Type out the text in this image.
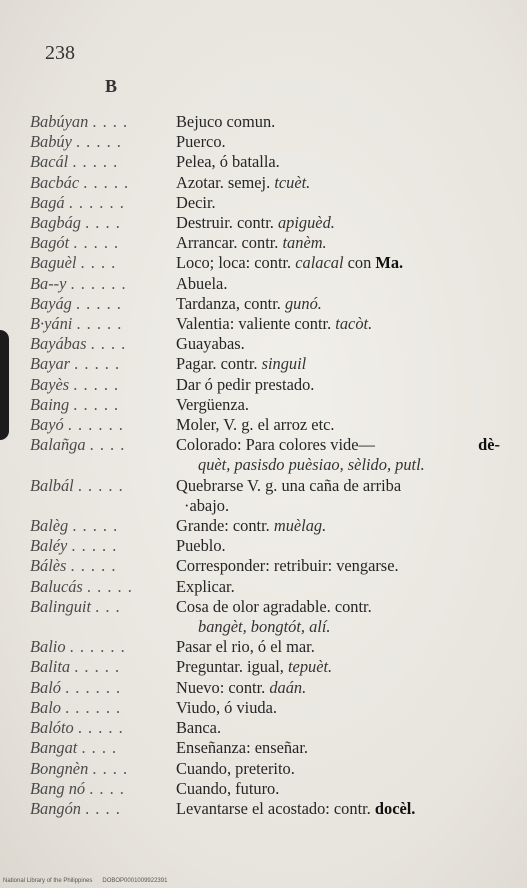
238
B
Babúyan . . . .	Bejuco comun.
Babúy . . . . .	Puerco.
Bacál . . . . .	Pelea, ó batalla.
Bacbác . . . . .	Azotar. semej. tcuèt.
Bagá . . . . . .	Decir.
Bagbág . . . .	Destruir. contr. apiguèd.
Bagót . . . . .	Arrancar. contr. tanèm.
Baguèl . . . .	Loco; loca: contr. calacal con Ma.
Ba--y . . . . . .	Abuela.
Bayág . . . . .	Tardanza, contr. gunó.
B·yáni . . . . .	Valentia: valiente contr. tacòt.
Bayábas . . . .	Guayabas.
Bayar . . . . .	Pagar. contr. singuil
Bayès . . . . .	Dar ó pedir prestado.
Baing . . . . .	Vergüenza.
Bayó . . . . . .	Moler, V. g. el arroz etc.
Balañga . . . .	Colorado: Para colores vide—	dè-
quèt, pasisdo puèsiao, sèlido, putl.
Balbál . . . . .	Quebrarse V. g. una caña de arriba
·abajo.
Balèg . . . . .	Grande: contr. muèlag.
Baléy . . . . .	Pueblo.
Bálès . . . . .	Corresponder: retribuir: vengarse.
Balucás . . . . .	Explicar.
Balinguit . . .	Cosa de olor agradable. contr.
bangèt, bongtót, alí.
Balio . . . . . .	Pasar el rio, ó el mar.
Balita . . . . .	Preguntar. igual, tepuèt.
Baló . . . . . .	Nuevo: contr. daán.
Balo . . . . . .	Viudo, ó viuda.
Balóto . . . . .	Banca.
Bangat . . . .	Enseñanza: enseñar.
Bongnèn . . . .	Cuando, preterito.
Bang nó . . . .	Cuando, futuro.
Bangón . . . .	Levantarse el acostado: contr. docèl.
National Library of the Philippines DOBOP0001009922391
